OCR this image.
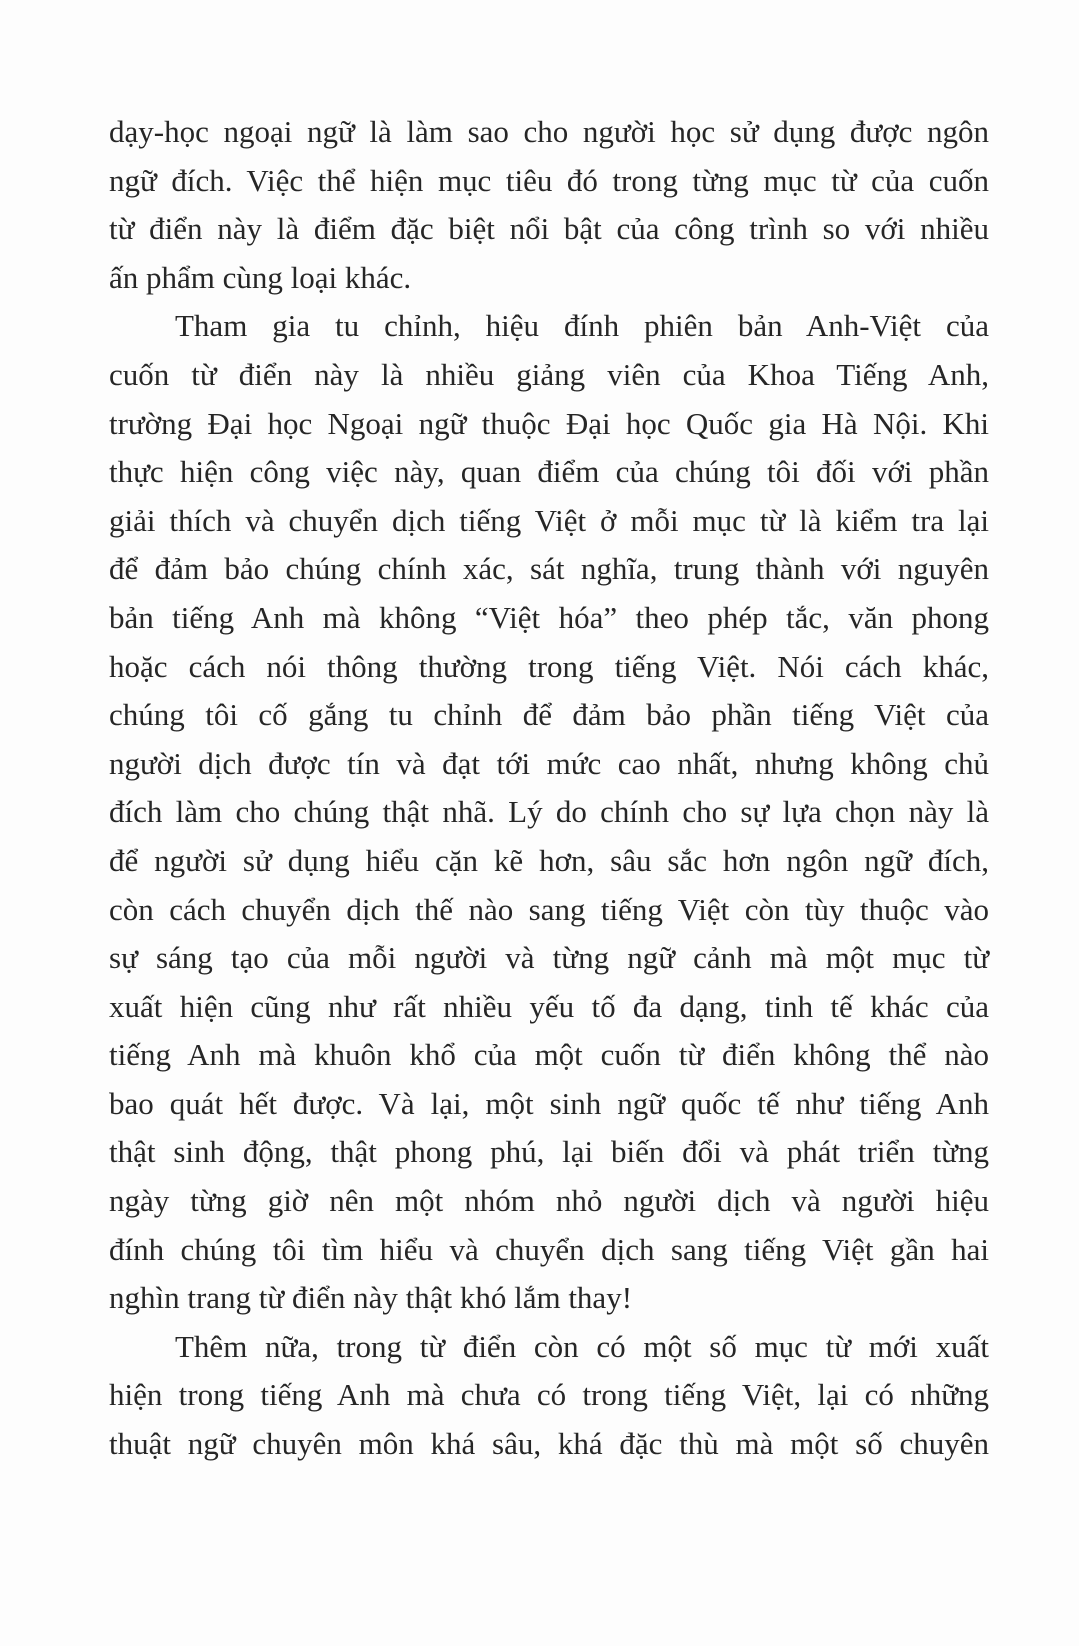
dạy-học ngoại ngữ là làm sao cho người học sử dụng được ngôn
ngữ đích. Việc thể hiện mục tiêu đó trong từng mục từ của cuốn
từ điển này là điểm đặc biệt nổi bật của công trình so với nhiều
ấn phẩm cùng loại khác.
Tham gia tu chỉnh, hiệu đính phiên bản Anh-Việt của
cuốn từ điển này là nhiều giảng viên của Khoa Tiếng Anh,
trường Đại học Ngoại ngữ thuộc Đại học Quốc gia Hà Nội. Khi
thực hiện công việc này, quan điểm của chúng tôi đối với phần
giải thích và chuyển dịch tiếng Việt ở mỗi mục từ là kiểm tra lại
để đảm bảo chúng chính xác, sát nghĩa, trung thành với nguyên
bản tiếng Anh mà không “Việt hóa” theo phép tắc, văn phong
hoặc cách nói thông thường trong tiếng Việt. Nói cách khác,
chúng tôi cố gắng tu chỉnh để đảm bảo phần tiếng Việt của
người dịch được tín và đạt tới mức cao nhất, nhưng không chủ
đích làm cho chúng thật nhã. Lý do chính cho sự lựa chọn này là
để người sử dụng hiểu cặn kẽ hơn, sâu sắc hơn ngôn ngữ đích,
còn cách chuyển dịch thế nào sang tiếng Việt còn tùy thuộc vào
sự sáng tạo của mỗi người và từng ngữ cảnh mà một mục từ
xuất hiện cũng như rất nhiều yếu tố đa dạng, tinh tế khác của
tiếng Anh mà khuôn khổ của một cuốn từ điển không thể nào
bao quát hết được. Và lại, một sinh ngữ quốc tế như tiếng Anh
thật sinh động, thật phong phú, lại biến đổi và phát triển từng
ngày từng giờ nên một nhóm nhỏ người dịch và người hiệu
đính chúng tôi tìm hiểu và chuyển dịch sang tiếng Việt gần hai
nghìn trang từ điển này thật khó lắm thay!
Thêm nữa, trong từ điển còn có một số mục từ mới xuất
hiện trong tiếng Anh mà chưa có trong tiếng Việt, lại có những
thuật ngữ chuyên môn khá sâu, khá đặc thù mà một số chuyên
